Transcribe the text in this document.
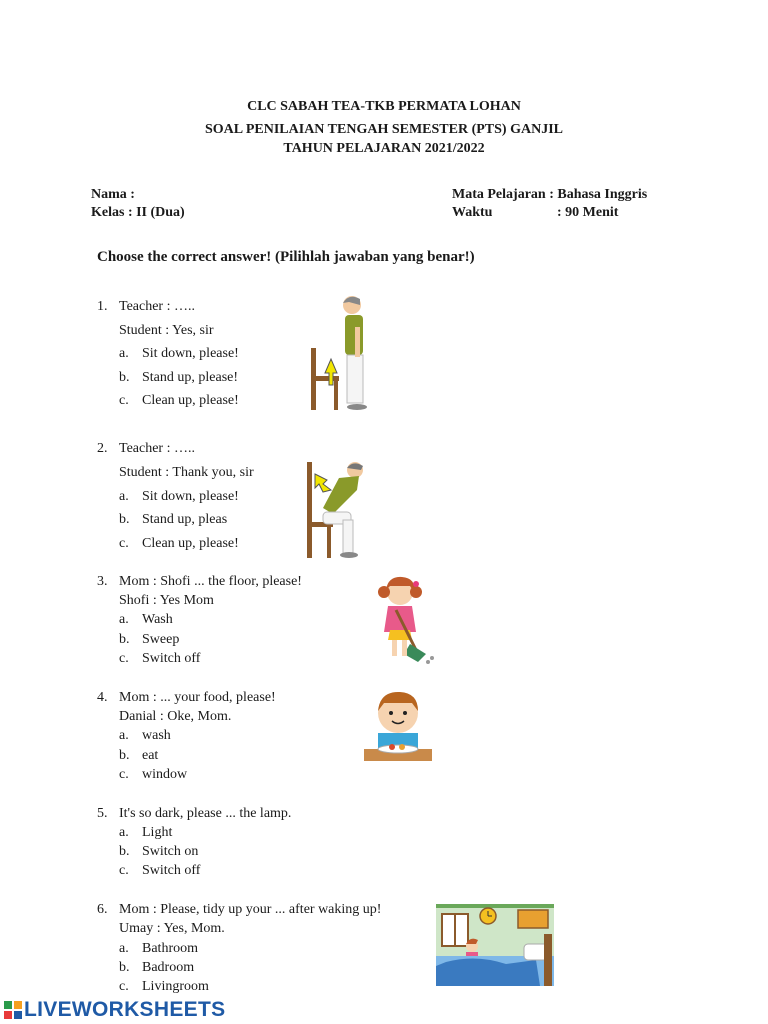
CLC SABAH TEA-TKB PERMATA LOHAN
SOAL PENILAIAN TENGAH SEMESTER (PTS) GANJIL
TAHUN PELAJARAN 2021/2022
Nama :
Kelas : II (Dua)
Mata Pelajaran : Bahasa Inggris
Waktu	: 90 Menit
Choose the correct answer! (Pilihlah jawaban yang benar!)
1. Teacher : …..
Student : Yes, sir
a. Sit down, please!
b. Stand up, please!
c. Clean up, please!
2. Teacher : …..
Student : Thank you, sir
a. Sit down, please!
b. Stand up, pleas
c. Clean up, please!
3. Mom : Shofi ... the floor, please!
Shofi : Yes Mom
a. Wash
b. Sweep
c. Switch off
4. Mom : ... your food, please!
Danial : Oke, Mom.
a. wash
b. eat
c. window
5. It's so dark, please ... the lamp.
a. Light
b. Switch on
c. Switch off
6. Mom : Please, tidy up your ... after waking up!
Umay : Yes, Mom.
a. Bathroom
b. Badroom
c. Livingroom
LIVEWORKSHEETS
